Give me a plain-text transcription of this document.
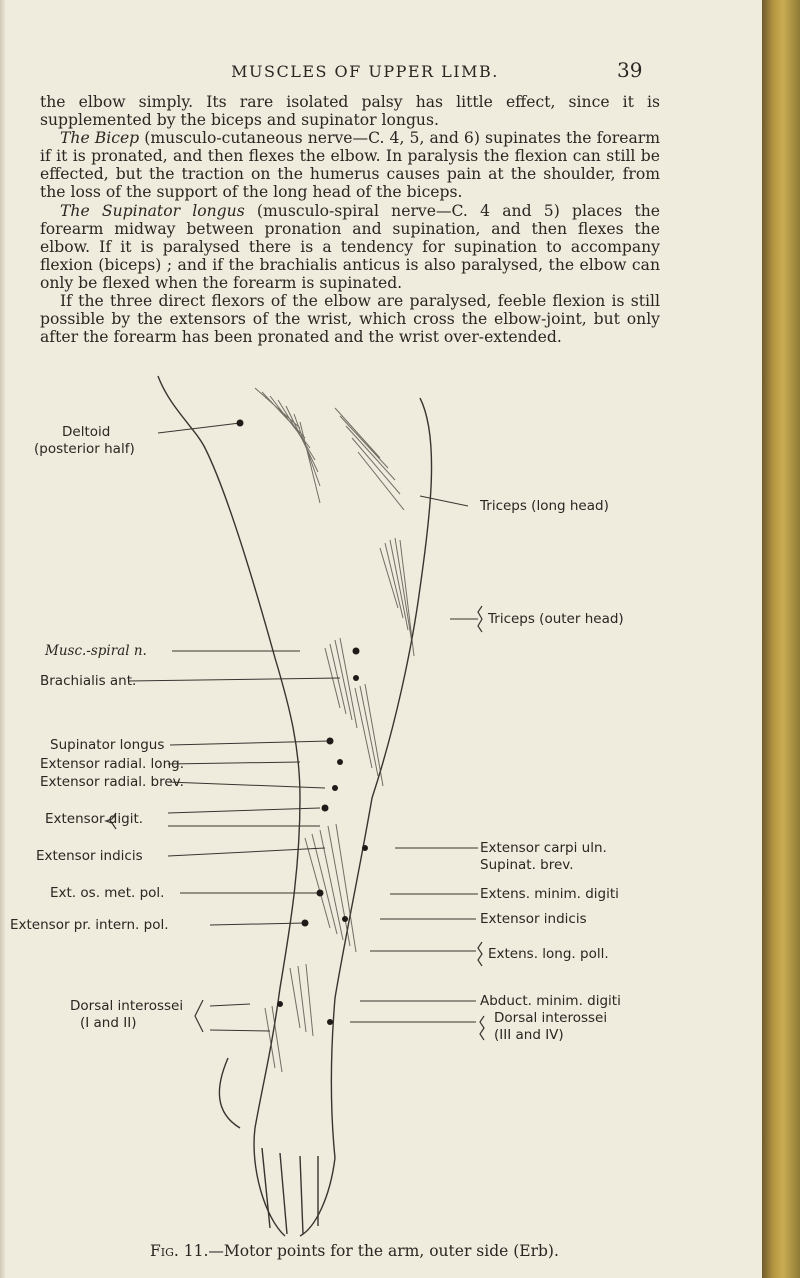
MUSCLES OF UPPER LIMB.	39

the elbow simply. Its rare isolated palsy has little effect, since it is supplemented by the biceps and supinator longus.

The Bicep (musculo-cutaneous nerve—C. 4, 5, and 6) supinates the forearm if it is pronated, and then flexes the elbow. In paralysis the flexion can still be effected, but the traction on the humerus causes pain at the shoulder, from the loss of the support of the long head of the biceps.

The Supinator longus (musculo-spiral nerve—C. 4 and 5) places the forearm midway between pronation and supination, and then flexes the elbow. If it is paralysed there is a tendency for supination to accompany flexion (biceps) ; and if the brachialis anticus is also paralysed, the elbow can only be flexed when the forearm is supinated.

If the three direct flexors of the elbow are paralysed, feeble flexion is still possible by the extensors of the wrist, which cross the elbow-joint, but only after the forearm has been pronated and the wrist over-extended.

Deltoid
(posterior half)
Musc.-spiral n.
Brachialis ant.
Supinator longus
Extensor radial. long.
Extensor radial. brev.
Extensor digit.
Extensor indicis
Ext. os. met. pol.
Extensor pr. intern. pol.
Dorsal interossei
(I and II)
Triceps (long head)
Triceps (outer head)
Extensor carpi uln.
Supinat. brev.
Extens. minim. digiti
Extensor indicis
Extens. long. poll.
Abduct. minim. digiti
Dorsal interossei
(III and IV)
Fig. 11.—Motor points for the arm, outer side (Erb).
